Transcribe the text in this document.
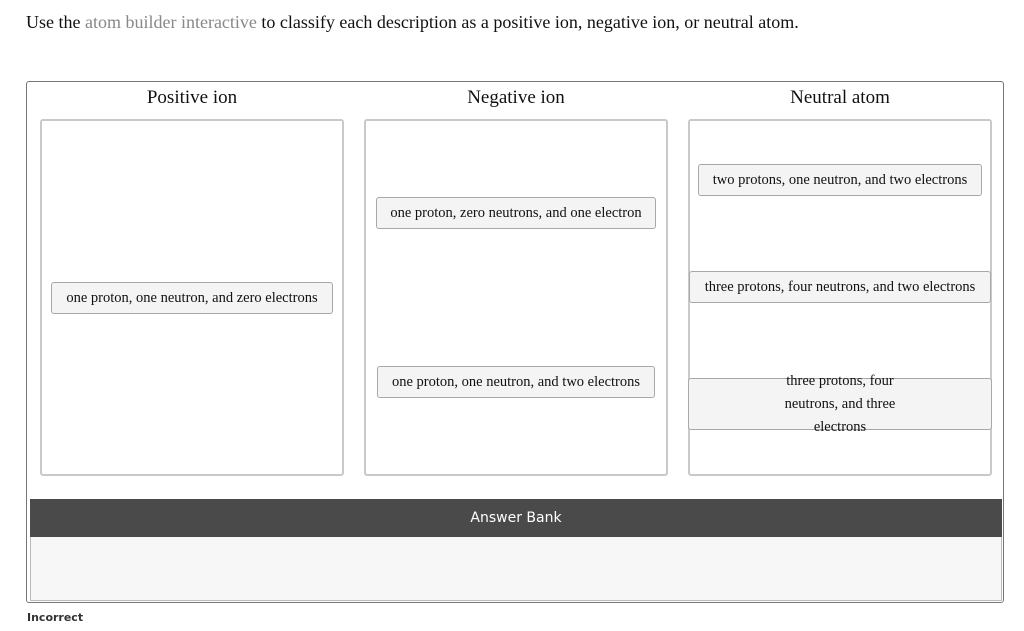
Use the atom builder interactive to classify each description as a positive ion, negative ion, or neutral atom.
Positive ion	Negative ion	Neutral atom
one proton, one neutron, and zero electrons
one proton, zero neutrons, and one electron
one proton, one neutron, and two electrons
two protons, one neutron, and two electrons
three protons, four neutrons, and two electrons
three protons, four neutrons, and three electrons
Answer Bank
Incorrect
